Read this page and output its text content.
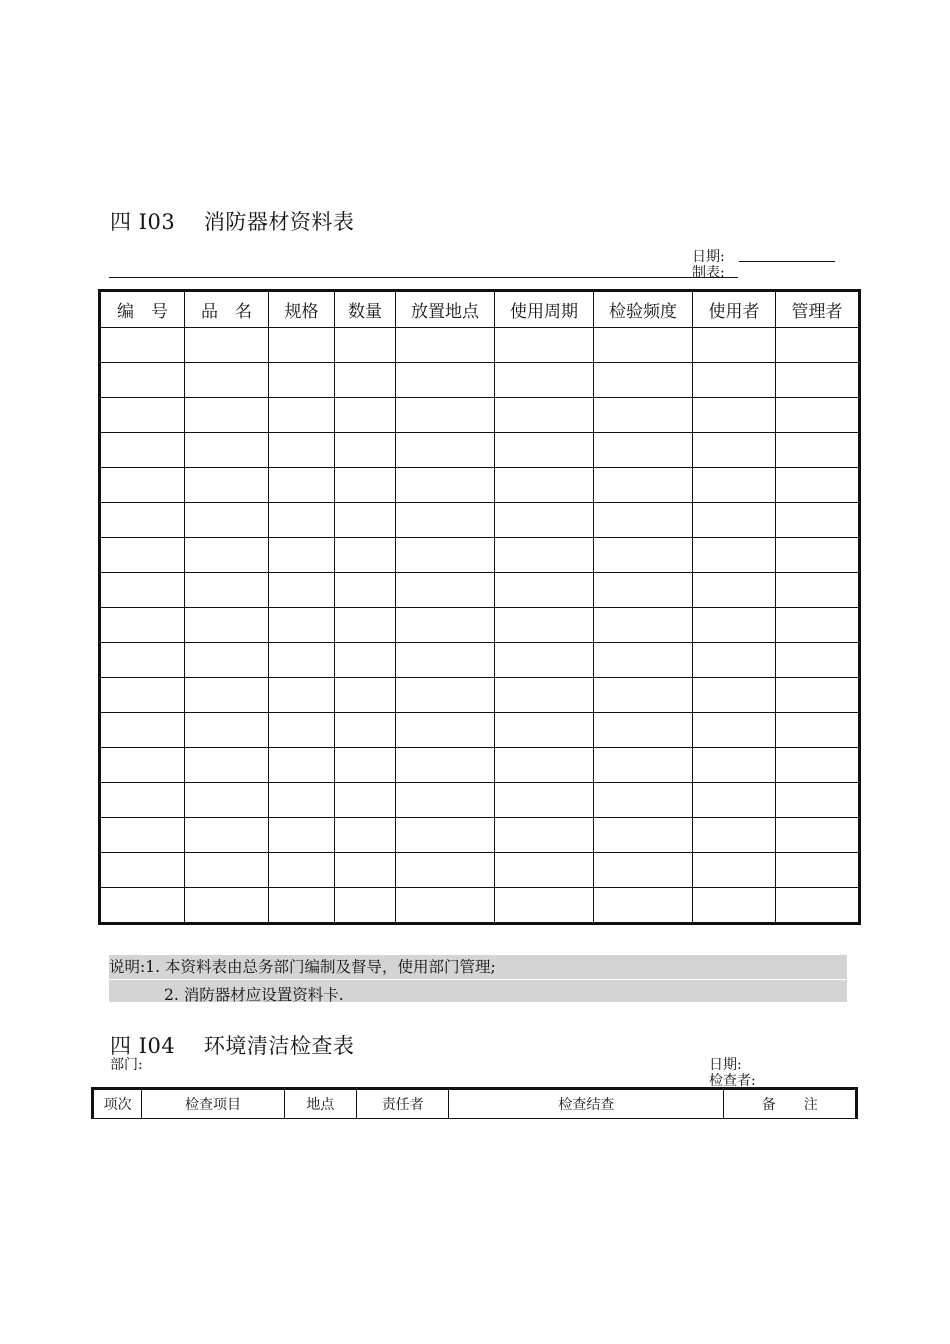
四 I03　 消防器材资料表
日期:
制表:
编　号	品　名	规格	数量	放置地点	使用周期	检验频度	使用者	管理者

说明:1. 本资料表由总务部门编制及督导，使用部门管理;
2. 消防器材应设置资料卡.
四 I04　 环境清洁检查表
部门:	日期:
检查者:
项次	检查项目	地点	责任者	检查结查	备　　注
